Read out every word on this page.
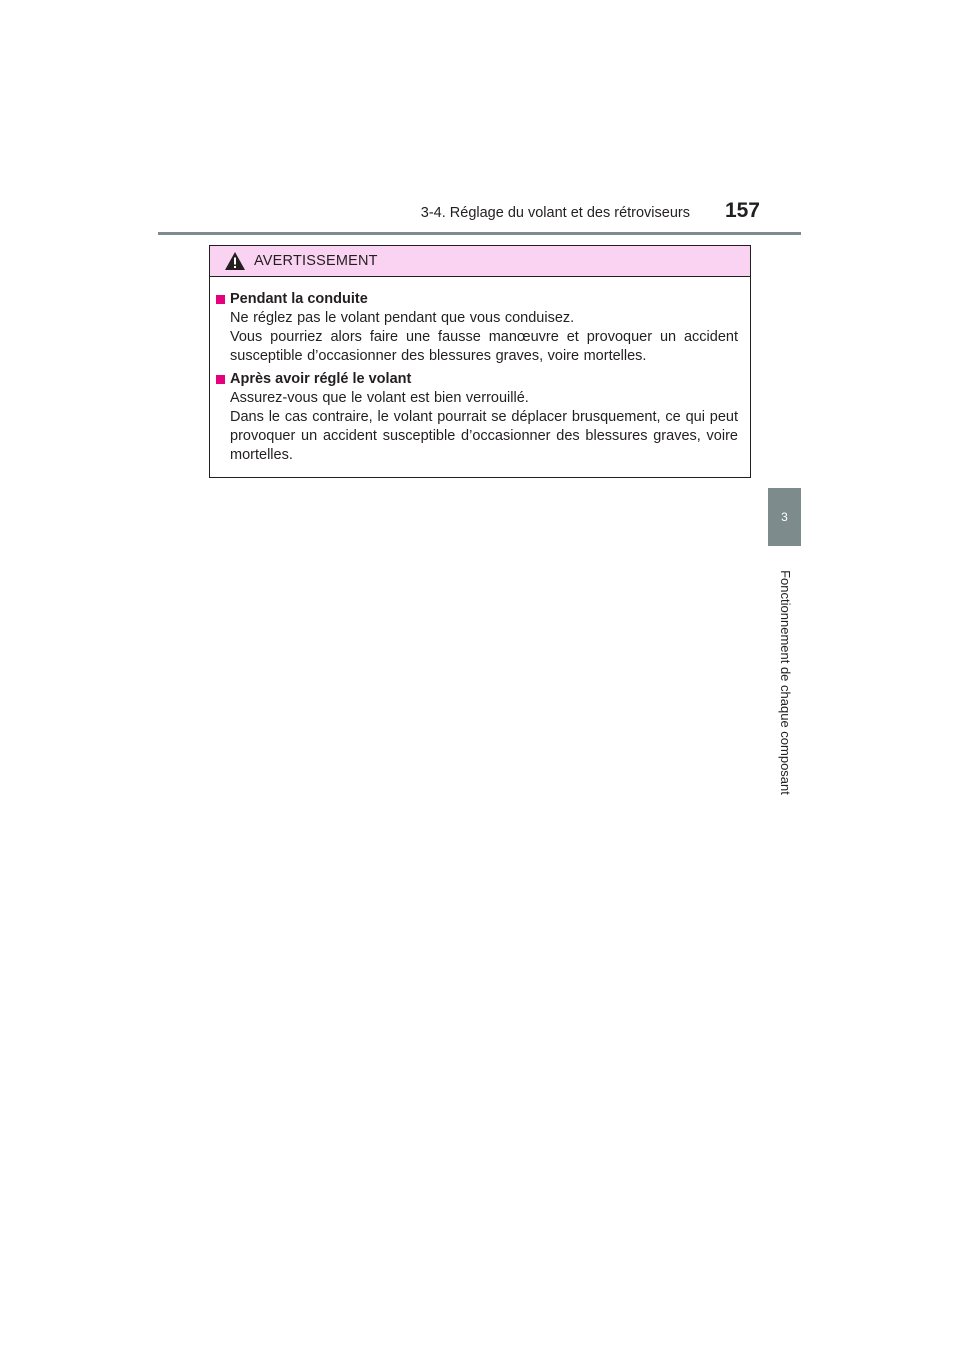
3-4. Réglage du volant et des rétroviseurs	157
3
Fonctionnement de chaque composant
AVERTISSEMENT
Pendant la conduite

Ne réglez pas le volant pendant que vous conduisez.

Vous pourriez alors faire une fausse manœuvre et provoquer un accident susceptible d’occasionner des blessures graves, voire mortelles.

Après avoir réglé le volant

Assurez-vous que le volant est bien verrouillé.

Dans le cas contraire, le volant pourrait se déplacer brusquement, ce qui peut provoquer un accident susceptible d’occasionner des blessures graves, voire mortelles.
